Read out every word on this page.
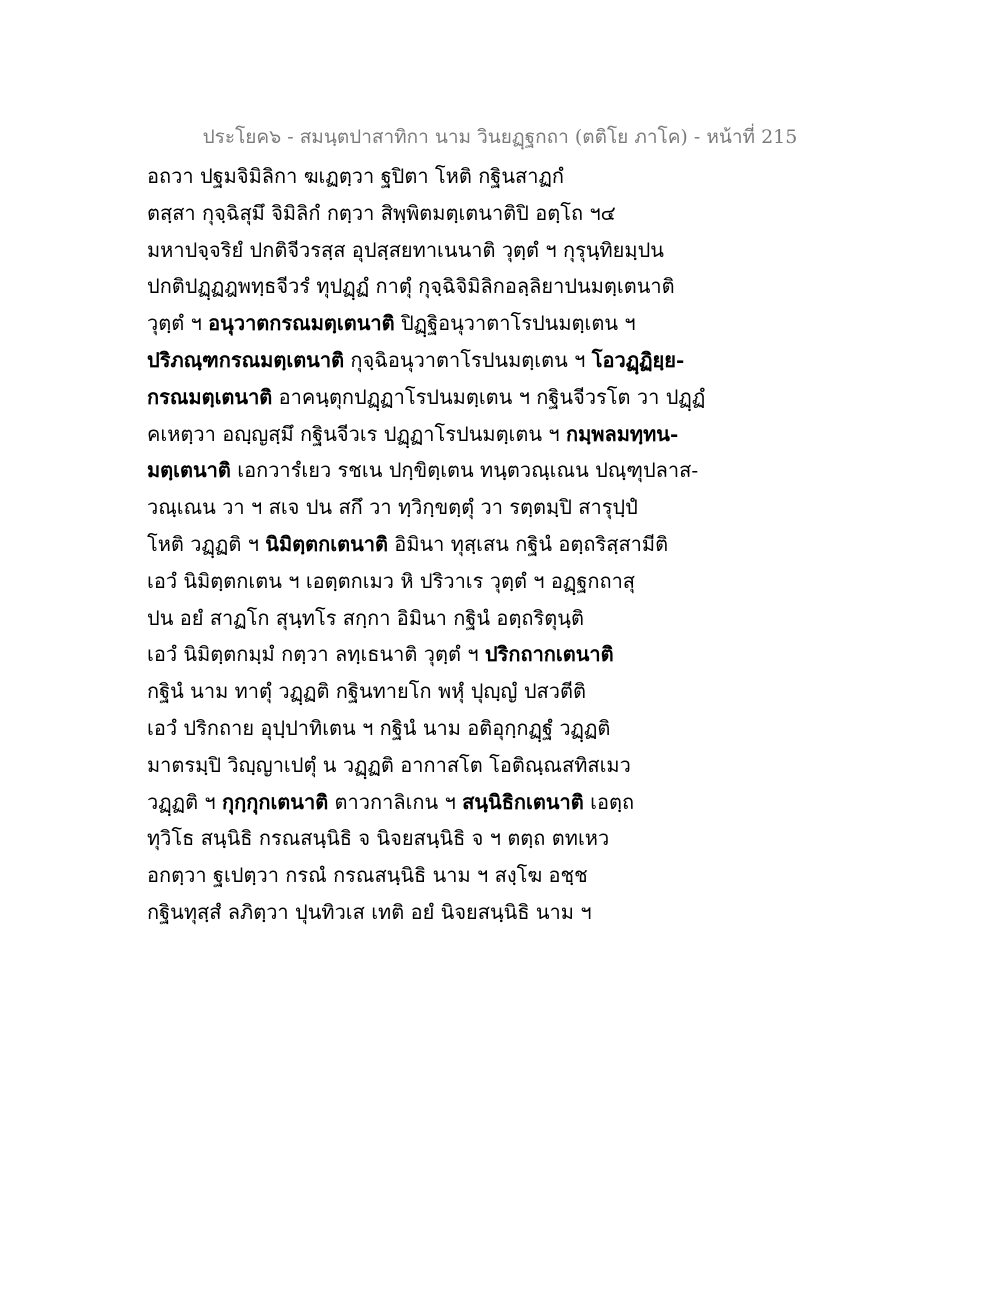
ประโยค๖ - สมนฺตปาสาทิกา นาม วินยฏฺฐกถา (ตติโย ภาโค) - หน้าที่ 215
อถวา ปฐมจิมิลิกา ฆเฏตฺวา ฐปิตา โหติ กฐินสาฏกํ
ตสฺสา กุจฺฉิสุมึ จิมิลิกํ กตฺวา สิพฺพิตมตฺเตนาติปิ อตฺโถ ฯ๔
มหาปจฺจริยํ ปกติจีวรสฺส อุปสฺสยทาเนนาติ วุตฺตํ ฯ กุรุนฺทิยมฺปน
ปกติปฏฺฏฎพทฺธจีวรํ ทุปฏฺฏํ กาตุํ กุจฺฉิจิมิลิกอลฺลิยาปนมตฺเตนาติ
วุตฺตํ ฯ อนุวาตกรณมตฺเตนาติ ปิฏฺฐิอนุวาตาโรปนมตฺเตน ฯ
ปริภณฺฑกรณมตฺเตนาติ กุจฺฉิอนุวาตาโรปนมตฺเตน ฯ โอวฏฺฏิยฺย-
กรณมตฺเตนาติ อาคนฺตุกปฏฺฏาโรปนมตฺเตน ฯ กฐินจีวรโต วา ปฏฺฏํ
คเหตฺวา อญฺญสฺมึ กฐินจีวเร ปฏฺฏาโรปนมตฺเตน ฯ กมฺพลมทฺทน-
มตฺเตนาติ เอกวารํเยว รชเน ปกฺขิตฺเตน ทนฺตวณฺเณน ปณฺฑุปลาส-
วณฺเณน วา ฯ สเจ ปน สกึ วา ทฺวิกฺขตฺตุํ วา รตฺตมฺปิ สารุปฺปํ
โหติ วฏฺฏติ ฯ นิมิตฺตกเตนาติ อิมินา ทุสฺเสน กฐินํ อตฺถริสฺสามีติ
เอวํ นิมิตฺตกเตน ฯ เอตฺตกเมว หิ ปริวาเร วุตฺตํ ฯ อฏฺฐกถาสุ
ปน อยํ สาฏโก สุนฺทโร สกฺกา อิมินา กฐินํ อตฺถริตุนฺติ
เอวํ นิมิตฺตกมฺมํ กตฺวา ลทฺเธนาติ วุตฺตํ ฯ ปริกถากเตนาติ
กฐินํ นาม ทาตุํ วฏฺฏติ กฐินทายโก พหุํ ปุญฺญํ ปสวตีติ
เอวํ ปริกถาย อุปฺปาทิเตน ฯ กฐินํ นาม อติอุกฺกฏฺฐํ วฏฺฏติ
มาตรมฺปิ วิญฺญาเปตุํ น วฏฺฏติ อากาสโต โอติณฺณสทิสเมว
วฏฺฏติ ฯ กุกฺกุกเตนาติ ตาวกาลิเกน ฯ สนฺนิธิกเตนาติ เอตฺถ
ทุวิโธ สนฺนิธิ กรณสนฺนิธิ จ นิจยสนฺนิธิ จ ฯ ตตฺถ ตทเหว
อกตฺวา ฐเปตฺวา กรณํ กรณสนฺนิธิ นาม ฯ สงฺโฆ อชฺช
กฐินทุสฺสํ ลภิตฺวา ปุนทิวเส เทติ อยํ นิจยสนฺนิธิ นาม ฯ
